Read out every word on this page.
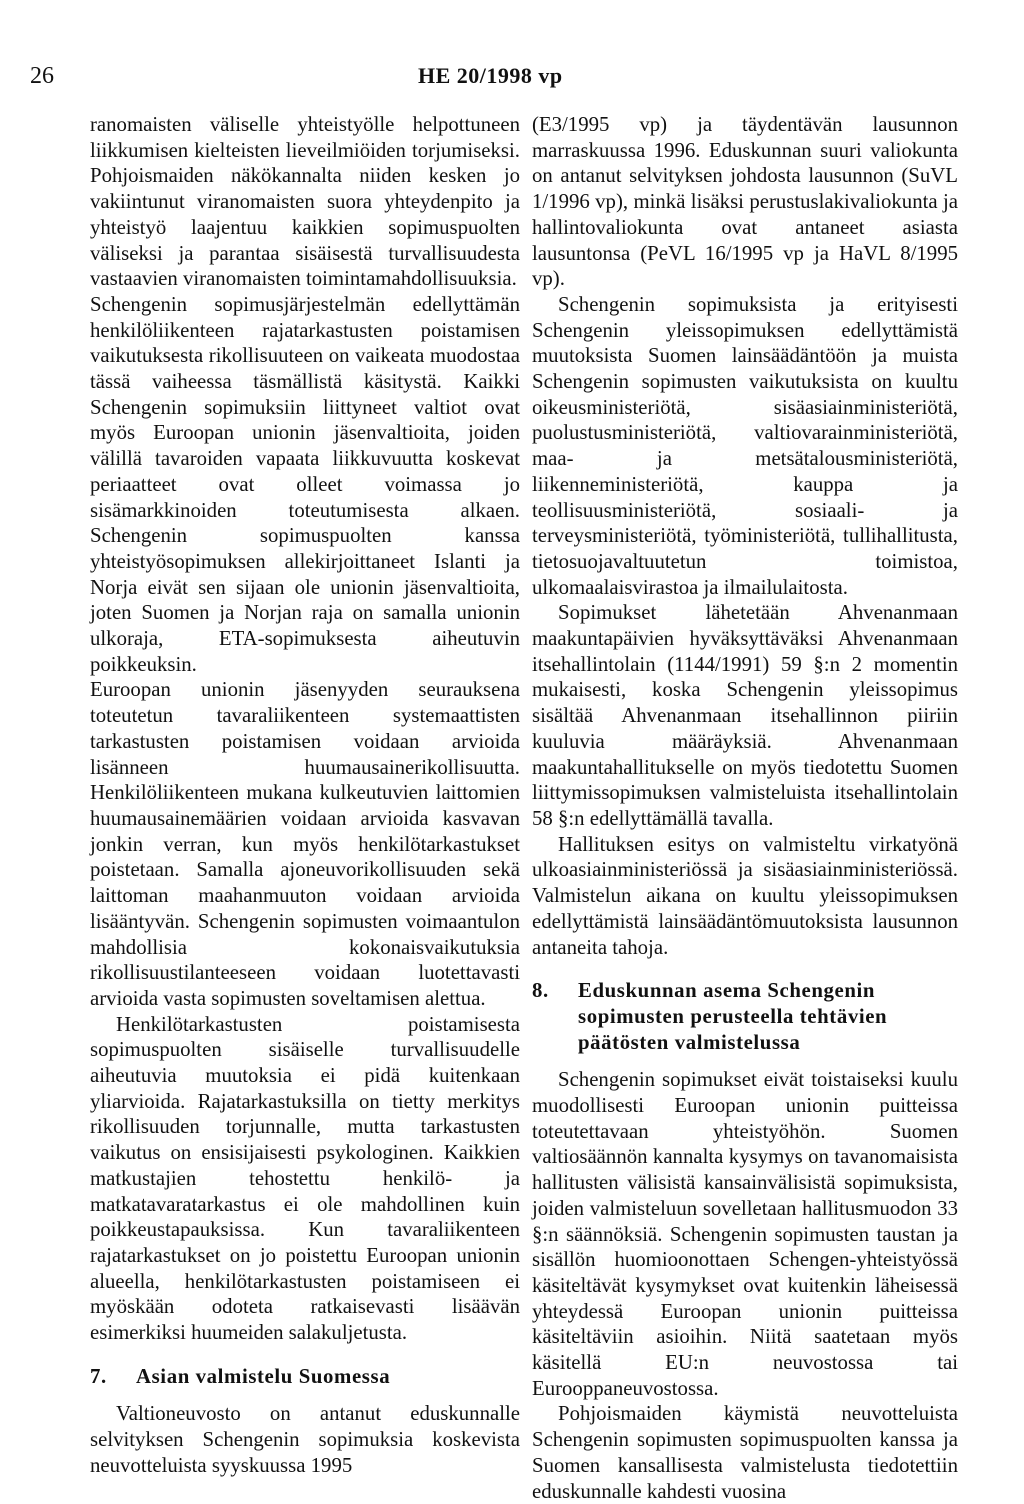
26	HE 20/1998 vp

ranomaisten väliselle yhteistyölle helpottuneen liikkumisen kielteisten lieveilmiöiden torjumiseksi. Pohjoismaiden näkökannalta niiden kesken jo vakiintunut viranomaisten suora yhteydenpito ja yhteistyö laajentuu kaikkien sopimuspuolten väliseksi ja parantaa sisäisestä turvallisuudesta vastaavien viranomaisten toimintamahdollisuuksia.

Schengenin sopimusjärjestelmän edellyttämän henkilöliikenteen rajatarkastusten poistamisen vaikutuksesta rikollisuuteen on vaikeata muodostaa tässä vaiheessa täsmällistä käsitystä. Kaikki Schengenin sopimuksiin liittyneet valtiot ovat myös Euroopan unionin jäsenvaltioita, joiden välillä tavaroiden vapaata liikkuvuutta koskevat periaatteet ovat olleet voimassa jo sisämarkkinoiden toteutumisesta alkaen. Schengenin sopimuspuolten kanssa yhteistyösopimuksen allekirjoittaneet Islanti ja Norja eivät sen sijaan ole unionin jäsenvaltioita, joten Suomen ja Norjan raja on samalla unionin ulkoraja, ETA-sopimuksesta aiheutuvin poikkeuksin.

Euroopan unionin jäsenyyden seurauksena toteutetun tavaraliikenteen systemaattisten tarkastusten poistamisen voidaan arvioida lisänneen huumausainerikollisuutta. Henkilöliikenteen mukana kulkeutuvien laittomien huumausainemäärien voidaan arvioida kasvavan jonkin verran, kun myös henkilötarkastukset poistetaan. Samalla ajoneuvorikollisuuden sekä laittoman maahanmuuton voidaan arvioida lisääntyvän. Schengenin sopimusten voimaantulon mahdollisia kokonaisvaikutuksia rikollisuustilanteeseen voidaan luotettavasti arvioida vasta sopimusten soveltamisen alettua.

Henkilötarkastusten poistamisesta sopimuspuolten sisäiselle turvallisuudelle aiheutuvia muutoksia ei pidä kuitenkaan yliarvioida. Rajatarkastuksilla on tietty merkitys rikollisuuden torjunnalle, mutta tarkastusten vaikutus on ensisijaisesti psykologinen. Kaikkien matkustajien tehostettu henkilö- ja matkatavaratarkastus ei ole mahdollinen kuin poikkeustapauksissa. Kun tavaraliikenteen rajatarkastukset on jo poistettu Euroopan unionin alueella, henkilötarkastusten poistamiseen ei myöskään odoteta ratkaisevasti lisäävän esimerkiksi huumeiden salakuljetusta.

7.	Asian valmistelu Suomessa

Valtioneuvosto on antanut eduskunnalle selvityksen Schengenin sopimuksia koskevista neuvotteluista syyskuussa 1995

(E3/1995 vp) ja täydentävän lausunnon marraskuussa 1996. Eduskunnan suuri valiokunta on antanut selvityksen johdosta lausunnon (SuVL 1/1996 vp), minkä lisäksi perustuslakivaliokunta ja hallintovaliokunta ovat antaneet asiasta lausuntonsa (PeVL 16/1995 vp ja HaVL 8/1995 vp).

Schengenin sopimuksista ja erityisesti Schengenin yleissopimuksen edellyttämistä muutoksista Suomen lainsäädäntöön ja muista Schengenin sopimusten vaikutuksista on kuultu oikeusministeriötä, sisäasiainministeriötä, puolustusministeriötä, valtiovarainministeriötä, maa- ja metsätalousministeriötä, liikenneministeriötä, kauppa ja teollisuusministeriötä, sosiaali- ja terveysministeriötä, työministeriötä, tullihallitusta, tietosuojavaltuutetun toimistoa, ulkomaalaisvirastoa ja ilmailulaitosta.

Sopimukset lähetetään Ahvenanmaan maakuntapäivien hyväksyttäväksi Ahvenanmaan itsehallintolain (1144/1991) 59 §:n 2 momentin mukaisesti, koska Schengenin yleissopimus sisältää Ahvenanmaan itsehallinnon piiriin kuuluvia määräyksiä. Ahvenanmaan maakuntahallitukselle on myös tiedotettu Suomen liittymissopimuksen valmisteluista itsehallintolain 58 §:n edellyttämällä tavalla.

Hallituksen esitys on valmisteltu virkatyönä ulkoasiainministeriössä ja sisäasiainministeriössä. Valmistelun aikana on kuultu yleissopimuksen edellyttämistä lainsäädäntömuutoksista lausunnon antaneita tahoja.

8.	Eduskunnan asema Schengenin sopimusten perusteella tehtävien päätösten valmistelussa

Schengenin sopimukset eivät toistaiseksi kuulu muodollisesti Euroopan unionin puitteissa toteutettavaan yhteistyöhön. Suomen valtiosäännön kannalta kysymys on tavanomaisista hallitusten välisistä kansainvälisistä sopimuksista, joiden valmisteluun sovelletaan hallitusmuodon 33 §:n säännöksiä. Schengenin sopimusten taustan ja sisällön huomioonottaen Schengen-yhteistyössä käsiteltävät kysymykset ovat kuitenkin läheisessä yhteydessä Euroopan unionin puitteissa käsiteltäviin asioihin. Niitä saatetaan myös käsitellä EU:n neuvostossa tai Eurooppaneuvostossa.

Pohjoismaiden käymistä neuvotteluista Schengenin sopimusten sopimuspuolten kanssa ja Suomen kansallisesta valmistelusta tiedotettiin eduskunnalle kahdesti vuosina
